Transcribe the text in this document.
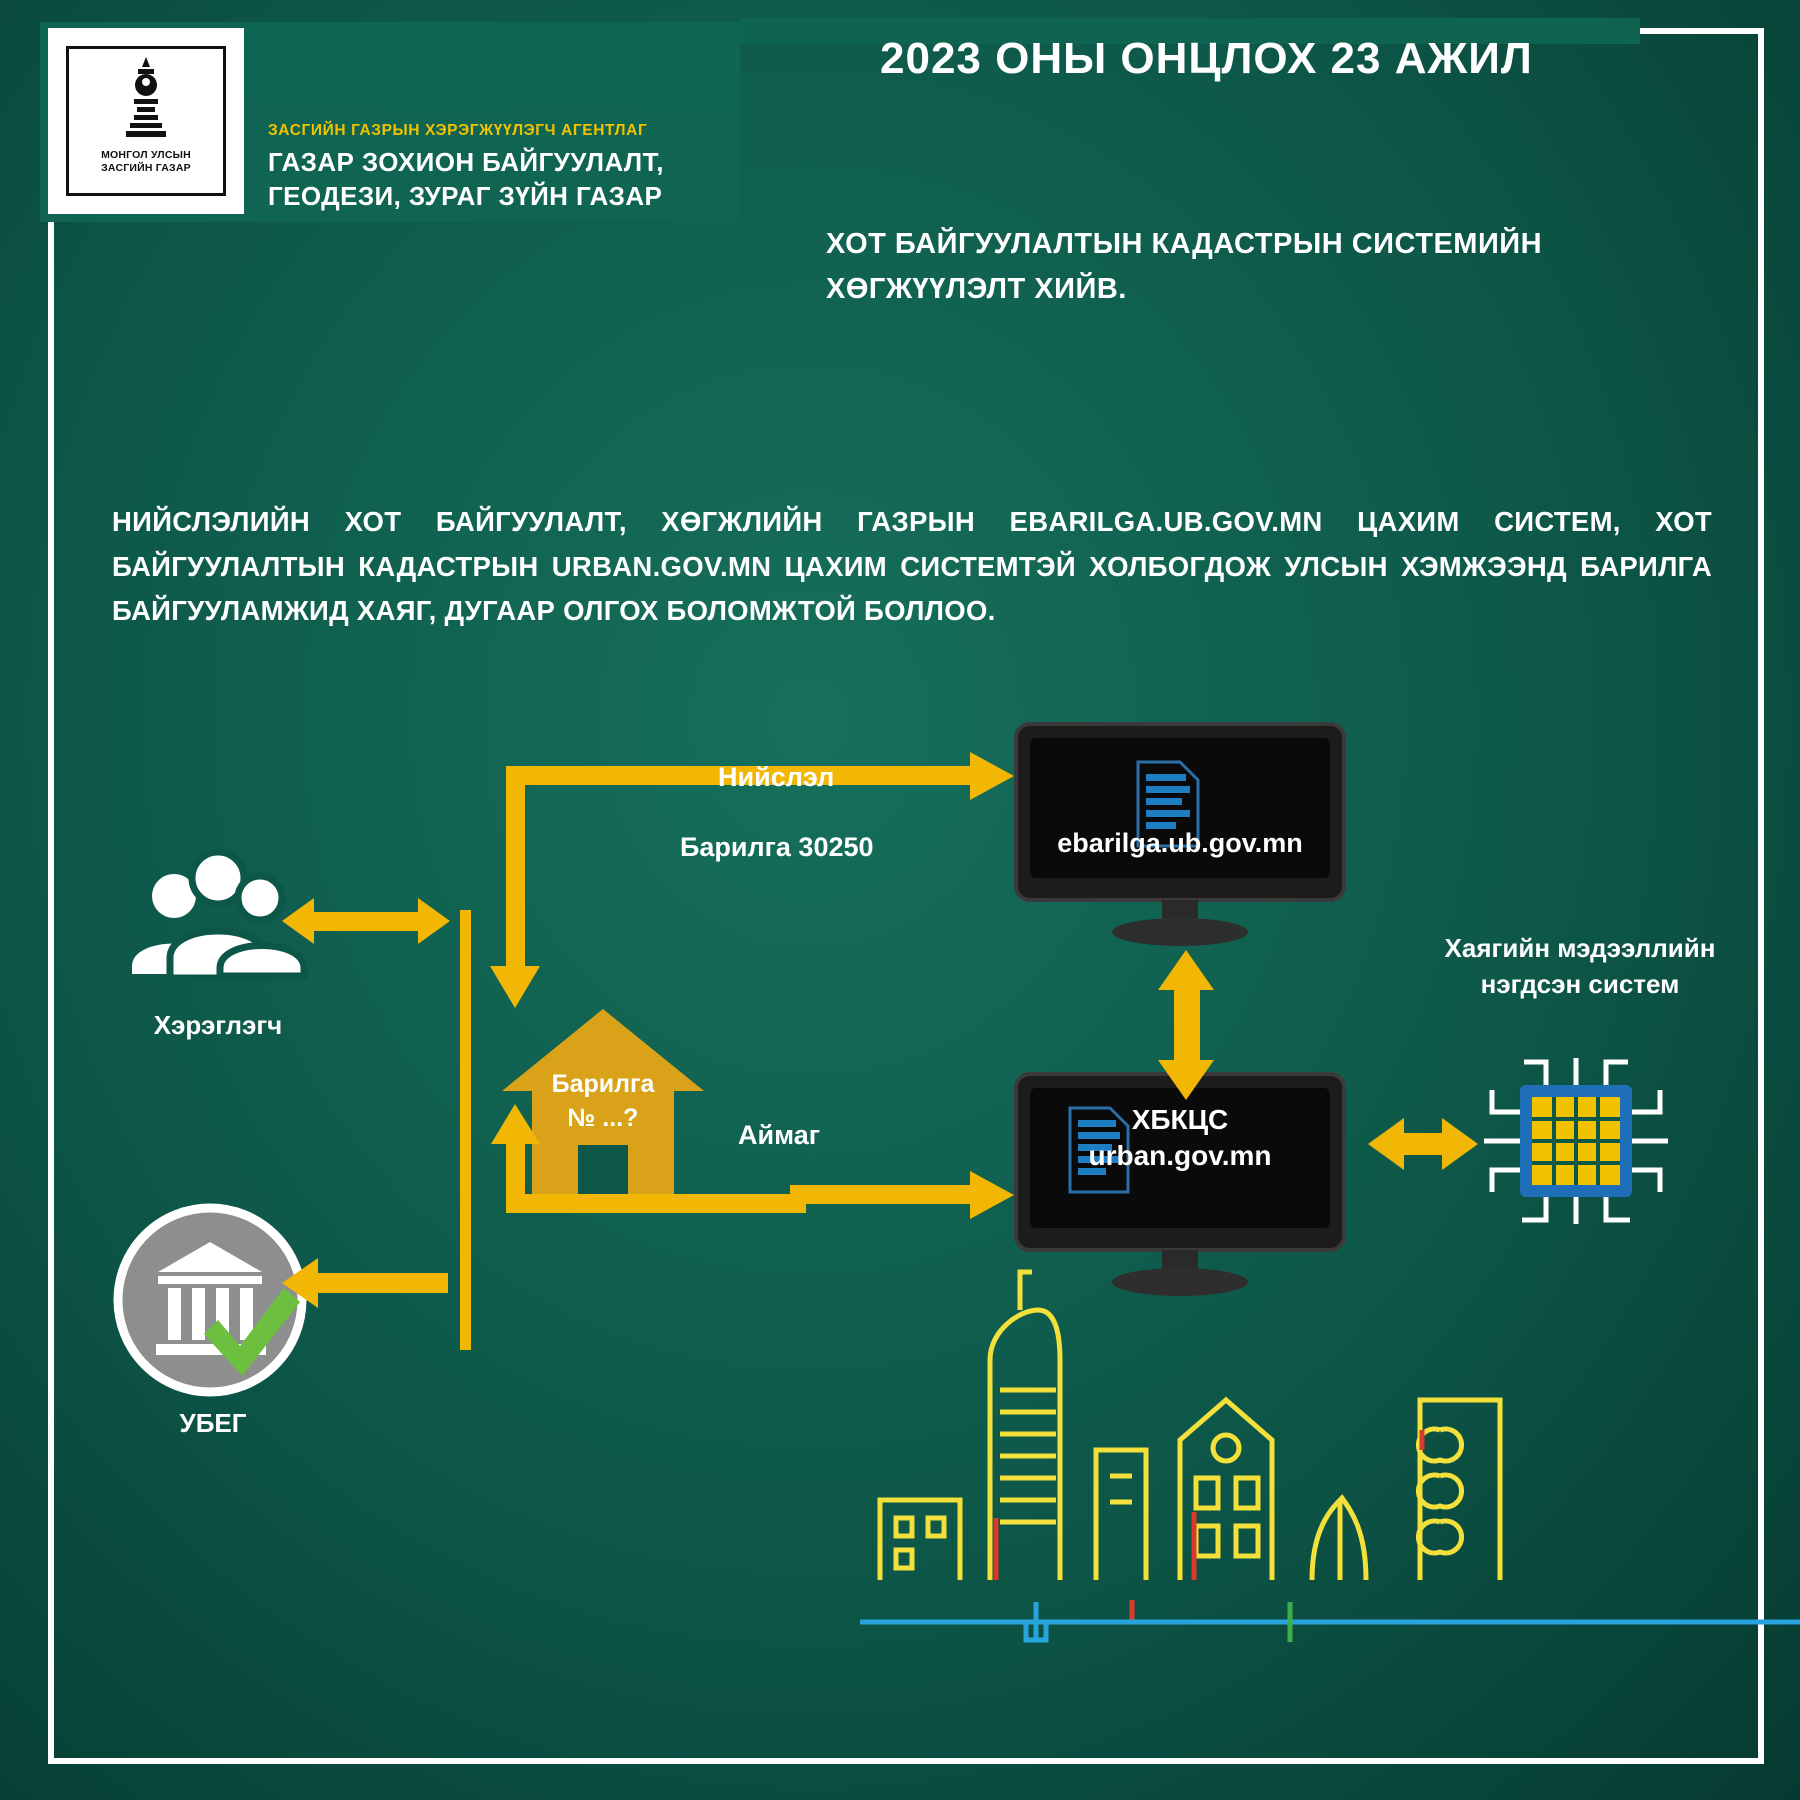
МОНГОЛ УЛСЫН
ЗАСГИЙН ГАЗАР
ЗАСГИЙН ГАЗРЫН ХЭРЭГЖҮҮЛЭГЧ АГЕНТЛАГ
ГАЗАР ЗОХИОН БАЙГУУЛАЛТ,
ГЕОДЕЗИ, ЗУРАГ ЗҮЙН ГАЗАР
2023 ОНЫ ОНЦЛОХ 23 АЖИЛ
ХОТ БАЙГУУЛАЛТЫН КАДАСТРЫН СИСТЕМИЙН ХӨГЖҮҮЛЭЛТ ХИЙВ.
НИЙСЛЭЛИЙН ХОТ БАЙГУУЛАЛТ, ХӨГЖЛИЙН ГАЗРЫН EBARILGA.UB.GOV.MN ЦАХИМ СИСТЕМ, ХОТ БАЙГУУЛАЛТЫН КАДАСТРЫН URBAN.GOV.MN ЦАХИМ СИСТЕМТЭЙ ХОЛБОГДОЖ УЛСЫН ХЭМЖЭЭНД БАРИЛГА БАЙГУУЛАМЖИД ХАЯГ, ДУГААР ОЛГОХ БОЛОМЖТОЙ БОЛЛОО.
Хэрэглэгч
УБЕГ
Барилга
№ ...?
Нийслэл
Барилга 30250
Аймаг
ebarilga.ub.gov.mn
ХБКЦС
urban.gov.mn
Хаягийн мэдээллийн
нэгдсэн систем
